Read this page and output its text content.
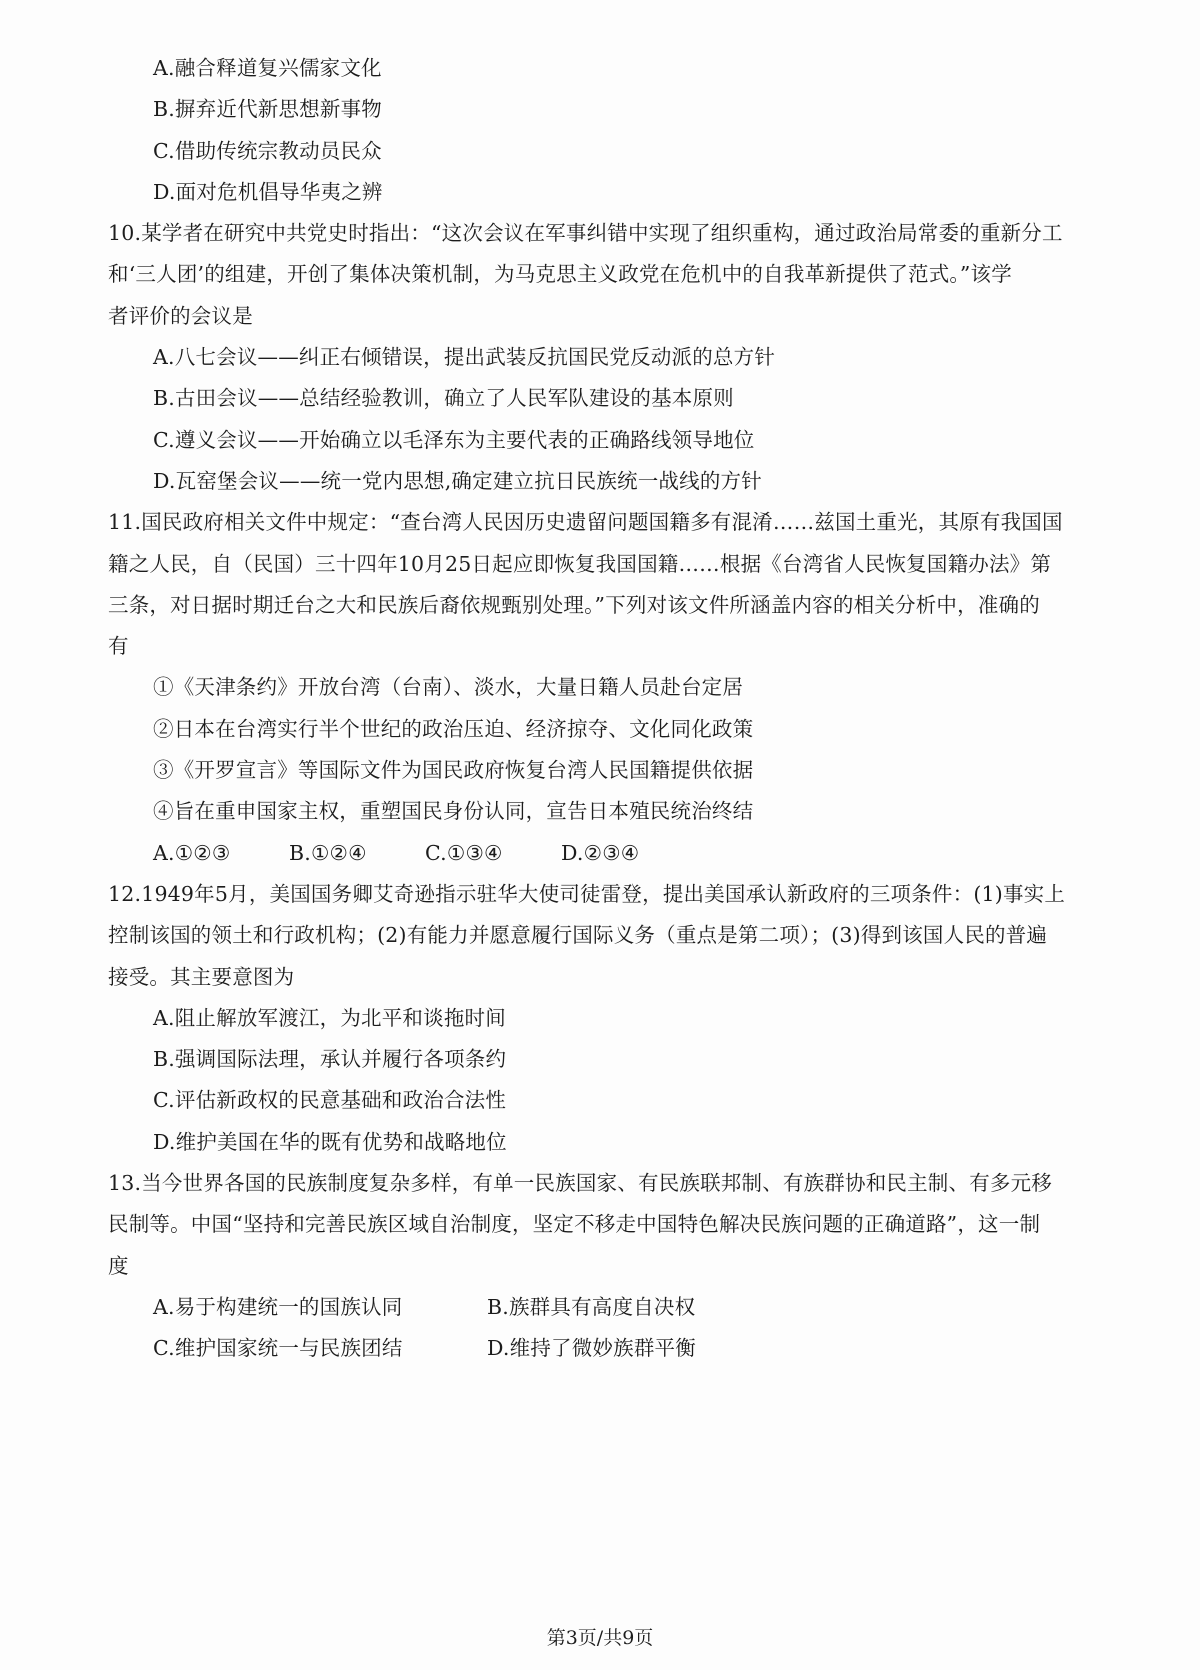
A.融合释道复兴儒家文化
B.摒弃近代新思想新事物
C.借助传统宗教动员民众
D.面对危机倡导华夷之辨
10.某学者在研究中共党史时指出：“这次会议在军事纠错中实现了组织重构，通过政治局常委的重新分工
和‘三人团’的组建，开创了集体决策机制，为马克思主义政党在危机中的自我革新提供了范式。”该学
者评价的会议是
A.八七会议——纠正右倾错误，提出武装反抗国民党反动派的总方针
B.古田会议——总结经验教训，确立了人民军队建设的基本原则
C.遵义会议——开始确立以毛泽东为主要代表的正确路线领导地位
D.瓦窑堡会议——统一党内思想,确定建立抗日民族统一战线的方针
11.国民政府相关文件中规定：“查台湾人民因历史遗留问题国籍多有混淆……兹国土重光，其原有我国国
籍之人民，自（民国）三十四年10月25日起应即恢复我国国籍……根据《台湾省人民恢复国籍办法》第
三条，对日据时期迁台之大和民族后裔依规甄别处理。”下列对该文件所涵盖内容的相关分析中，准确的
有
①《天津条约》开放台湾（台南）、淡水，大量日籍人员赴台定居
②日本在台湾实行半个世纪的政治压迫、经济掠夺、文化同化政策
③《开罗宣言》等国际文件为国民政府恢复台湾人民国籍提供依据
④旨在重申国家主权，重塑国民身份认同，宣告日本殖民统治终结
A.①②③	B.①②④	C.①③④	D.②③④
12.1949年5月，美国国务卿艾奇逊指示驻华大使司徒雷登，提出美国承认新政府的三项条件：(1)事实上
控制该国的领土和行政机构；(2)有能力并愿意履行国际义务（重点是第二项）；(3)得到该国人民的普遍
接受。其主要意图为
A.阻止解放军渡江，为北平和谈拖时间
B.强调国际法理，承认并履行各项条约
C.评估新政权的民意基础和政治合法性
D.维护美国在华的既有优势和战略地位
13.当今世界各国的民族制度复杂多样，有单一民族国家、有民族联邦制、有族群协和民主制、有多元移
民制等。中国“坚持和完善民族区域自治制度，坚定不移走中国特色解决民族问题的正确道路”，这一制
度
A.易于构建统一的国族认同	B.族群具有高度自决权
C.维护国家统一与民族团结	D.维持了微妙族群平衡
第3页/共9页
